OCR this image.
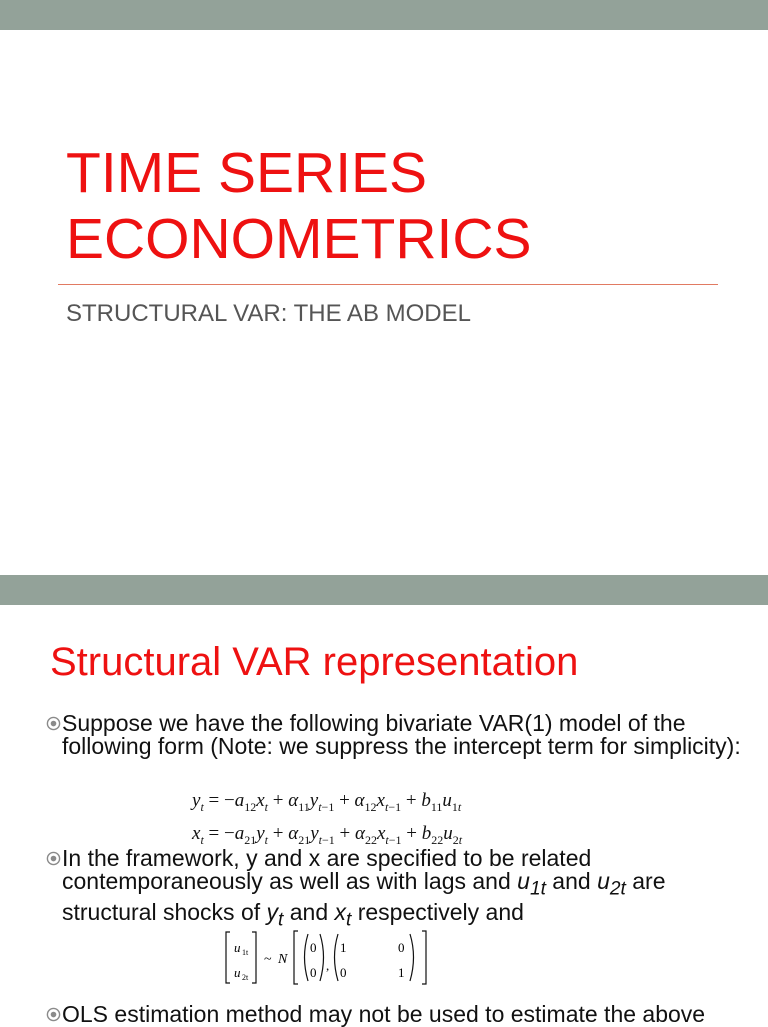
TIME SERIES
ECONOMETRICS
STRUCTURAL VAR: THE AB MODEL
Structural VAR representation
Suppose we have the following bivariate VAR(1) model of the following form (Note: we suppress the intercept term for simplicity):
$y_t = -a_{12}x_t + \alpha_{11}y_{t-1} + \alpha_{12}x_{t-1} + b_{11}u_{1t}$
$x_t = -a_{21}y_t + \alpha_{21}y_{t-1} + \alpha_{22}x_{t-1} + b_{22}u_{2t}$
In the framework, y and x are specified to be related contemporaneously as well as with lags and $u_{1t}$ and $u_{2t}$ are structural shocks of $y_t$ and $x_t$ respectively and
u 1t
u 2t
~ N
0
0 ,
1	0
0	1
OLS estimation method may not be used to estimate the above
